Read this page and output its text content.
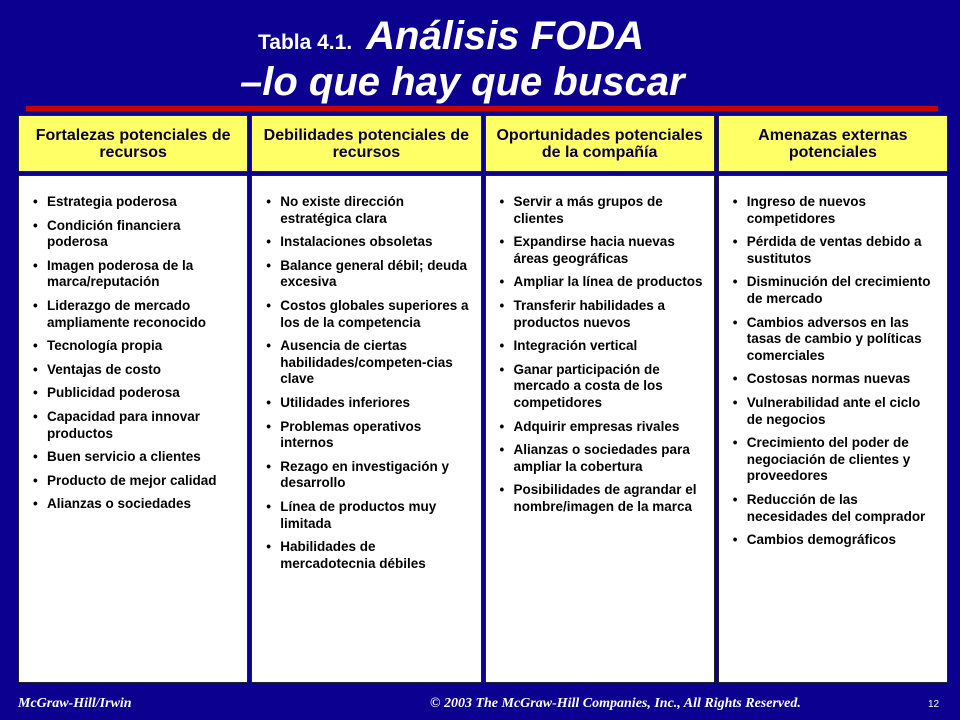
Tabla 4.1. Análisis FODA
–lo que hay que buscar
Fortalezas potenciales de recursos
• Estrategia poderosa
• Condición financiera poderosa
• Imagen poderosa de la marca/reputación
• Liderazgo de mercado ampliamente reconocido
• Tecnología propia
• Ventajas de costo
• Publicidad poderosa
• Capacidad para innovar productos
• Buen servicio a clientes
• Producto de mejor calidad
• Alianzas o sociedades
Debilidades potenciales de recursos
• No existe dirección estratégica clara
• Instalaciones obsoletas
• Balance general débil; deuda excesiva
• Costos globales superiores a los de la competencia
• Ausencia de ciertas habilidades/competen-cias clave
• Utilidades inferiores
• Problemas operativos internos
• Rezago en investigación y desarrollo
• Línea de productos muy limitada
• Habilidades de mercadotecnia débiles
Oportunidades potenciales de la compañía
• Servir a más grupos de clientes
• Expandirse hacia nuevas áreas geográficas
• Ampliar la línea de productos
• Transferir habilidades a productos nuevos
• Integración vertical
• Ganar participación de mercado a costa de los competidores
• Adquirir empresas rivales
• Alianzas o sociedades para ampliar la cobertura
• Posibilidades de agrandar el nombre/imagen de la marca
Amenazas externas potenciales
• Ingreso de nuevos competidores
• Pérdida de ventas debido a sustitutos
• Disminución del crecimiento de mercado
• Cambios adversos en las tasas de cambio y políticas comerciales
• Costosas normas nuevas
• Vulnerabilidad ante el ciclo de negocios
• Crecimiento del poder de negociación de clientes y proveedores
• Reducción de las necesidades del comprador
• Cambios demográficos
McGraw-Hill/Irwin	© 2003 The McGraw-Hill Companies, Inc., All Rights Reserved.	12
